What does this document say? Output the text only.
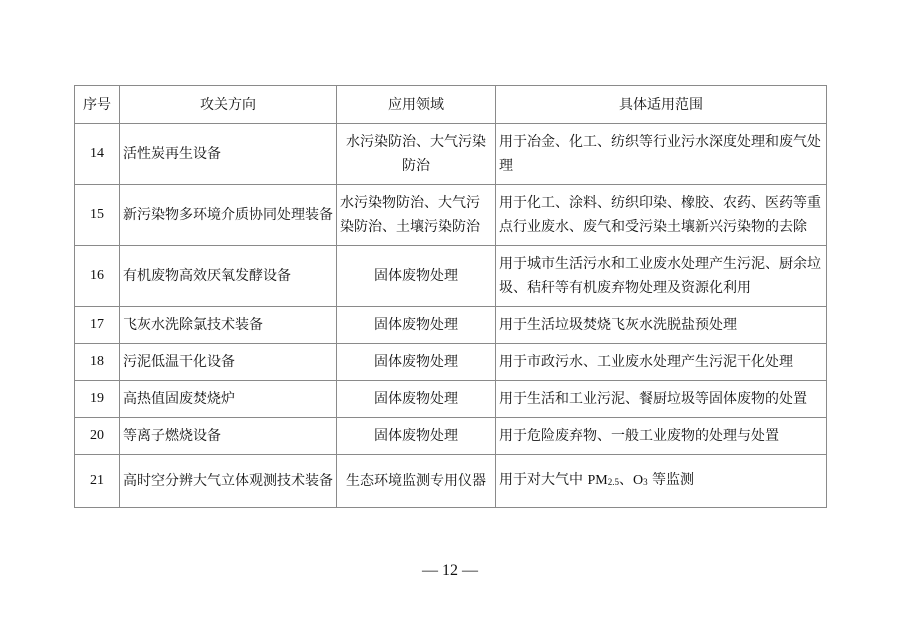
序号	攻关方向	应用领域	具体适用范围
14	活性炭再生设备	水污染防治、大气污染防治	用于冶金、化工、纺织等行业污水深度处理和废气处理
15	新污染物多环境介质协同处理装备	水污染物防治、大气污染防治、土壤污染防治	用于化工、涂料、纺织印染、橡胶、农药、医药等重点行业废水、废气和受污染土壤新兴污染物的去除
16	有机废物高效厌氧发酵设备	固体废物处理	用于城市生活污水和工业废水处理产生污泥、厨余垃圾、秸秆等有机废弃物处理及资源化利用
17	飞灰水洗除氯技术装备	固体废物处理	用于生活垃圾焚烧飞灰水洗脱盐预处理
18	污泥低温干化设备	固体废物处理	用于市政污水、工业废水处理产生污泥干化处理
19	高热值固废焚烧炉	固体废物处理	用于生活和工业污泥、餐厨垃圾等固体废物的处置
20	等离子燃烧设备	固体废物处理	用于危险废弃物、一般工业废物的处理与处置
21	高时空分辨大气立体观测技术装备	生态环境监测专用仪器	用于对大气中 $PM_{2.5}$、$O_3$ 等监测
— 12 —
